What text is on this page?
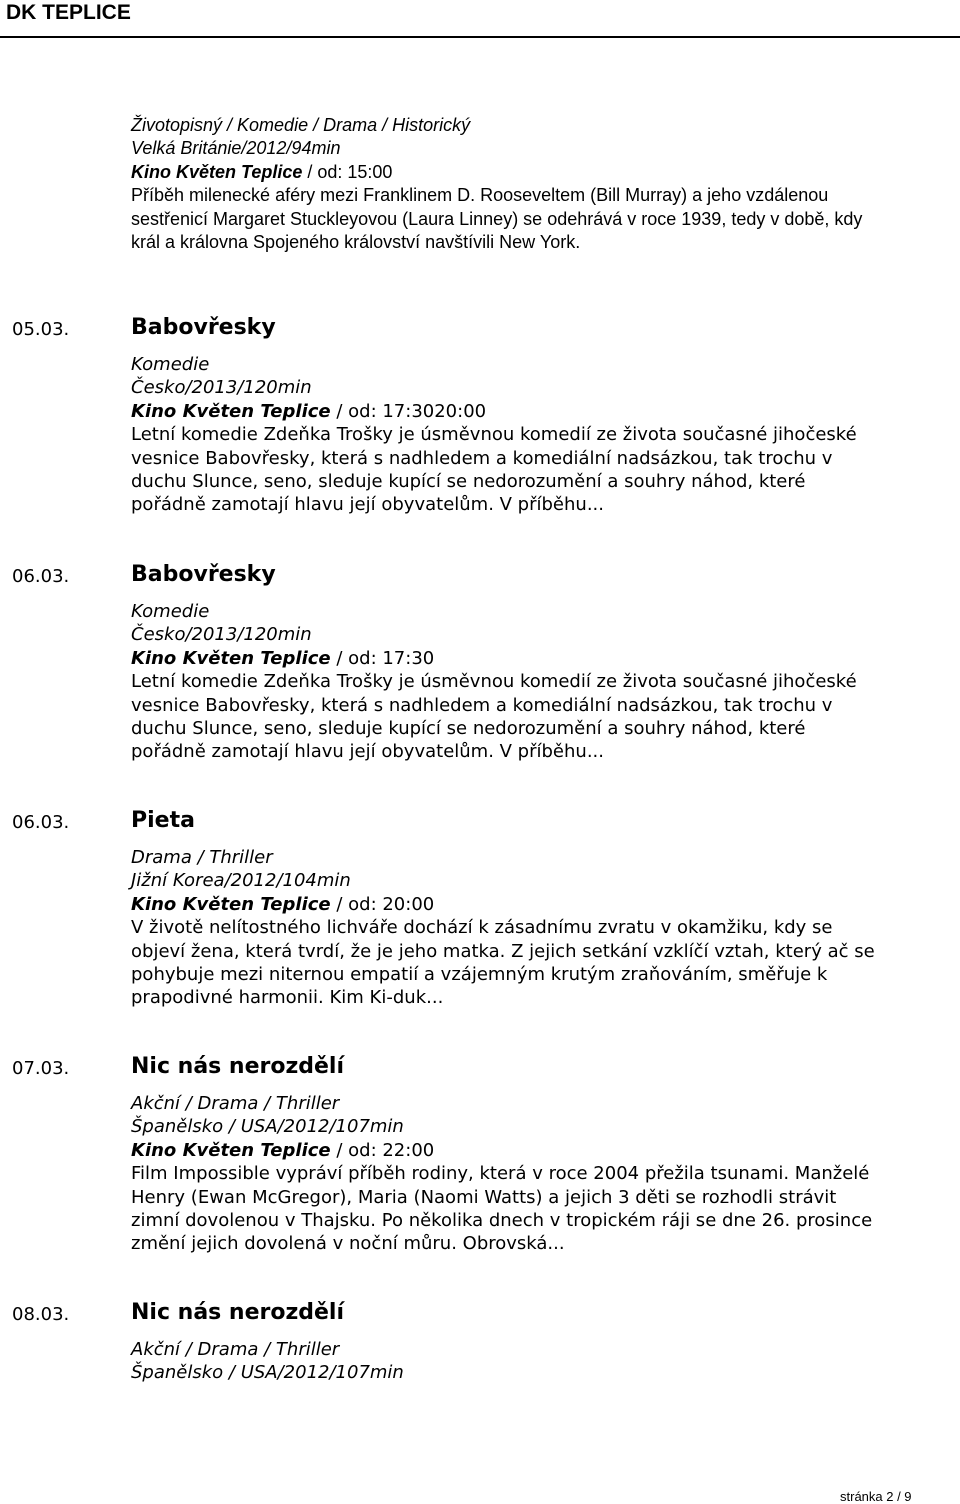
DK TEPLICE
Životopisný / Komedie / Drama / Historický
Velká Británie/2012/94min
Kino Květen Teplice / od: 15:00
Příběh milenecké aféry mezi Franklinem D. Rooseveltem (Bill Murray) a jeho vzdálenou sestřenicí Margaret Stuckleyovou (Laura Linney) se odehrává v roce 1939, tedy v době, kdy král a královna Spojeného království navštívili New York.
05.03.	Babovřesky
Komedie
Česko/2013/120min
Kino Květen Teplice / od: 17:3020:00
Letní komedie Zdeňka Trošky je úsměvnou komedií ze života současné jihočeské vesnice Babovřesky, která s nadhledem a komediální nadsázkou, tak trochu v duchu Slunce, seno, sleduje kupící se nedorozumění a souhry náhod, které pořádně zamotají hlavu její obyvatelům. V příběhu...
06.03.	Babovřesky
Komedie
Česko/2013/120min
Kino Květen Teplice / od: 17:30
Letní komedie Zdeňka Trošky je úsměvnou komedií ze života současné jihočeské vesnice Babovřesky, která s nadhledem a komediální nadsázkou, tak trochu v duchu Slunce, seno, sleduje kupící se nedorozumění a souhry náhod, které pořádně zamotají hlavu její obyvatelům. V příběhu...
06.03.	Pieta
Drama / Thriller
Jižní Korea/2012/104min
Kino Květen Teplice / od: 20:00
V životě nelítostného lichváře dochází k zásadnímu zvratu v okamžiku, kdy se objeví žena, která tvrdí, že je jeho matka. Z jejich setkání vzklíčí vztah, který ač se pohybuje mezi niternou empatií a vzájemným krutým zraňováním, směřuje k prapodivné harmonii. Kim Ki-duk...
07.03.	Nic nás nerozdělí
Akční / Drama / Thriller
Španělsko / USA/2012/107min
Kino Květen Teplice / od: 22:00
Film Impossible vypráví příběh rodiny, která v roce 2004 přežila tsunami. Manželé Henry (Ewan McGregor), Maria (Naomi Watts) a jejich 3 děti se rozhodli strávit zimní dovolenou v Thajsku. Po několika dnech v tropickém ráji se dne 26. prosince změní jejich dovolená v noční můru. Obrovská...
08.03.	Nic nás nerozdělí
Akční / Drama / Thriller
Španělsko / USA/2012/107min
stránka 2 / 9
